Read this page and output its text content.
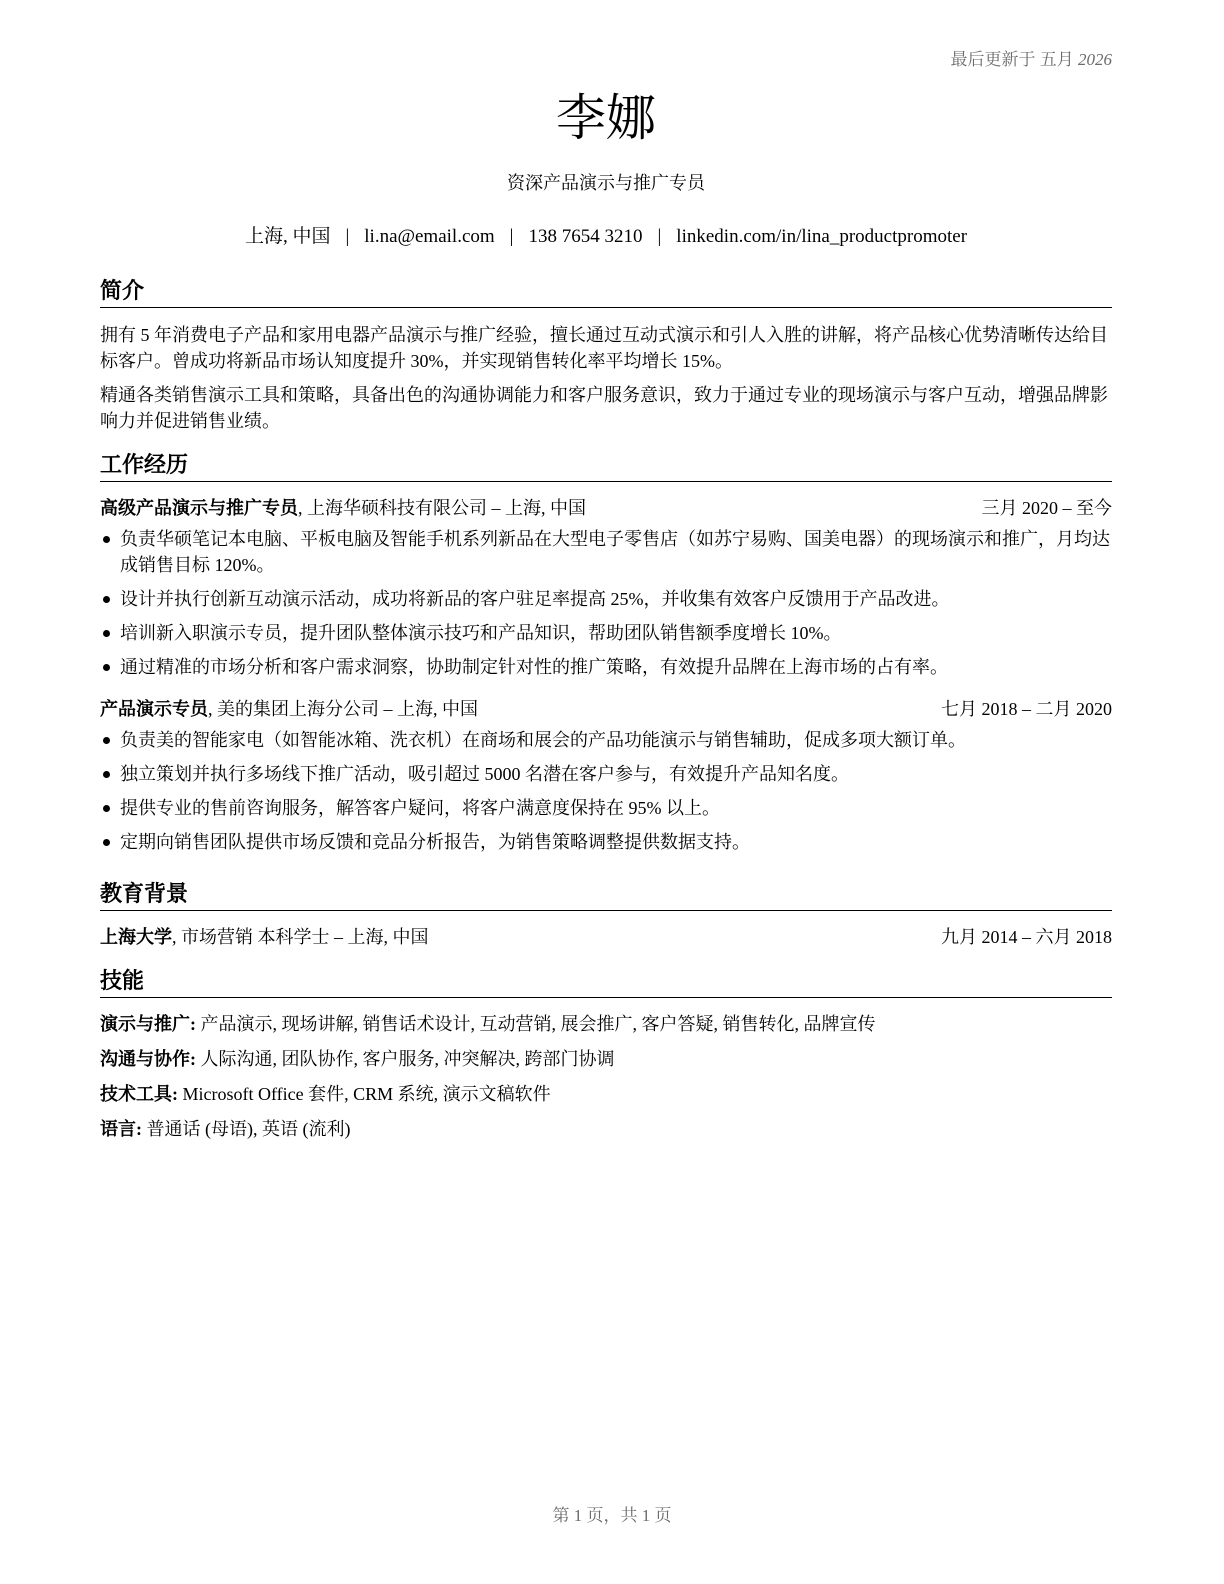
最后更新于 五月 2026
李娜
资深产品演示与推广专员
上海, 中国 | li.na@email.com | 138 7654 3210 | linkedin.com/in/lina_productpromoter
简介

拥有 5 年消费电子产品和家用电器产品演示与推广经验，擅长通过互动式演示和引人入胜的讲解，将产品核心优势清晰传达给目标客户。曾成功将新品市场认知度提升 30%，并实现销售转化率平均增长 15%。

精通各类销售演示工具和策略，具备出色的沟通协调能力和客户服务意识，致力于通过专业的现场演示与客户互动，增强品牌影响力并促进销售业绩。

工作经历
高级产品演示与推广专员, 上海华硕科技有限公司 – 上海, 中国	三月 2020 – 至今
负责华硕笔记本电脑、平板电脑及智能手机系列新品在大型电子零售店（如苏宁易购、国美电器）的现场演示和推广，月均达成销售目标 120%。
设计并执行创新互动演示活动，成功将新品的客户驻足率提高 25%，并收集有效客户反馈用于产品改进。
培训新入职演示专员，提升团队整体演示技巧和产品知识，帮助团队销售额季度增长 10%。
通过精准的市场分析和客户需求洞察，协助制定针对性的推广策略，有效提升品牌在上海市场的占有率。
产品演示专员, 美的集团上海分公司 – 上海, 中国	七月 2018 – 二月 2020
负责美的智能家电（如智能冰箱、洗衣机）在商场和展会的产品功能演示与销售辅助，促成多项大额订单。
独立策划并执行多场线下推广活动，吸引超过 5000 名潜在客户参与，有效提升产品知名度。
提供专业的售前咨询服务，解答客户疑问，将客户满意度保持在 95% 以上。
定期向销售团队提供市场反馈和竞品分析报告，为销售策略调整提供数据支持。
教育背景
上海大学, 市场营销 本科学士 – 上海, 中国	九月 2014 – 六月 2018
技能
演示与推广: 产品演示, 现场讲解, 销售话术设计, 互动营销, 展会推广, 客户答疑, 销售转化, 品牌宣传
沟通与协作: 人际沟通, 团队协作, 客户服务, 冲突解决, 跨部门协调
技术工具: Microsoft Office 套件, CRM 系统, 演示文稿软件
语言: 普通话 (母语), 英语 (流利)
第 1 页，共 1 页
